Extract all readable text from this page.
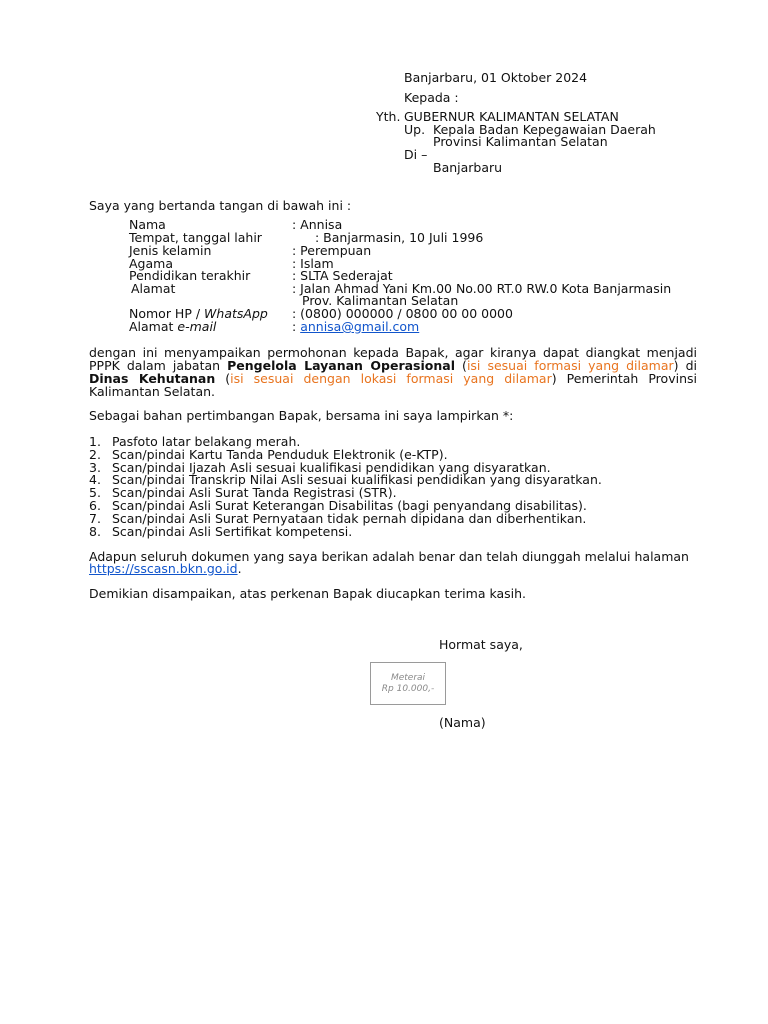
Banjarbaru, 01 Oktober 2024
Kepada :
Yth. GUBERNUR KALIMANTAN SELATAN
Up. Kepala Badan Kepegawaian Daerah
Provinsi Kalimantan Selatan
Di –
Banjarbaru
Saya yang bertanda tangan di bawah ini :
Nama	: Annisa
Tempat, tanggal lahir	: Banjarmasin, 10 Juli 1996
Jenis kelamin	: Perempuan
Agama	: Islam
Pendidikan terakhir	: SLTA Sederajat
Alamat	: Jalan Ahmad Yani Km.00 No.00 RT.0 RW.0 Kota Banjarmasin
Prov. Kalimantan Selatan
Nomor HP / WhatsApp : (0800) 000000 / 0800 00 00 0000
Alamat e-mail	: annisa@gmail.com
dengan ini menyampaikan permohonan kepada Bapak, agar kiranya dapat diangkat menjadi
PPPK dalam jabatan Pengelola Layanan Operasional (isi sesuai formasi yang dilamar) di
Dinas Kehutanan (isi sesuai dengan lokasi formasi yang dilamar) Pemerintah Provinsi
Kalimantan Selatan.
Sebagai bahan pertimbangan Bapak, bersama ini saya lampirkan *:
1. Pasfoto latar belakang merah.
2. Scan/pindai Kartu Tanda Penduduk Elektronik (e-KTP).
3. Scan/pindai Ijazah Asli sesuai kualifikasi pendidikan yang disyaratkan.
4. Scan/pindai Transkrip Nilai Asli sesuai kualifikasi pendidikan yang disyaratkan.
5. Scan/pindai Asli Surat Tanda Registrasi (STR).
6. Scan/pindai Asli Surat Keterangan Disabilitas (bagi penyandang disabilitas).
7. Scan/pindai Asli Surat Pernyataan tidak pernah dipidana dan diberhentikan.
8. Scan/pindai Asli Sertifikat kompetensi.
Adapun seluruh dokumen yang saya berikan adalah benar dan telah diunggah melalui halaman
https://sscasn.bkn.go.id.
Demikian disampaikan, atas perkenan Bapak diucapkan terima kasih.
Hormat saya,
Meterai
Rp 10.000,-
(Nama)
